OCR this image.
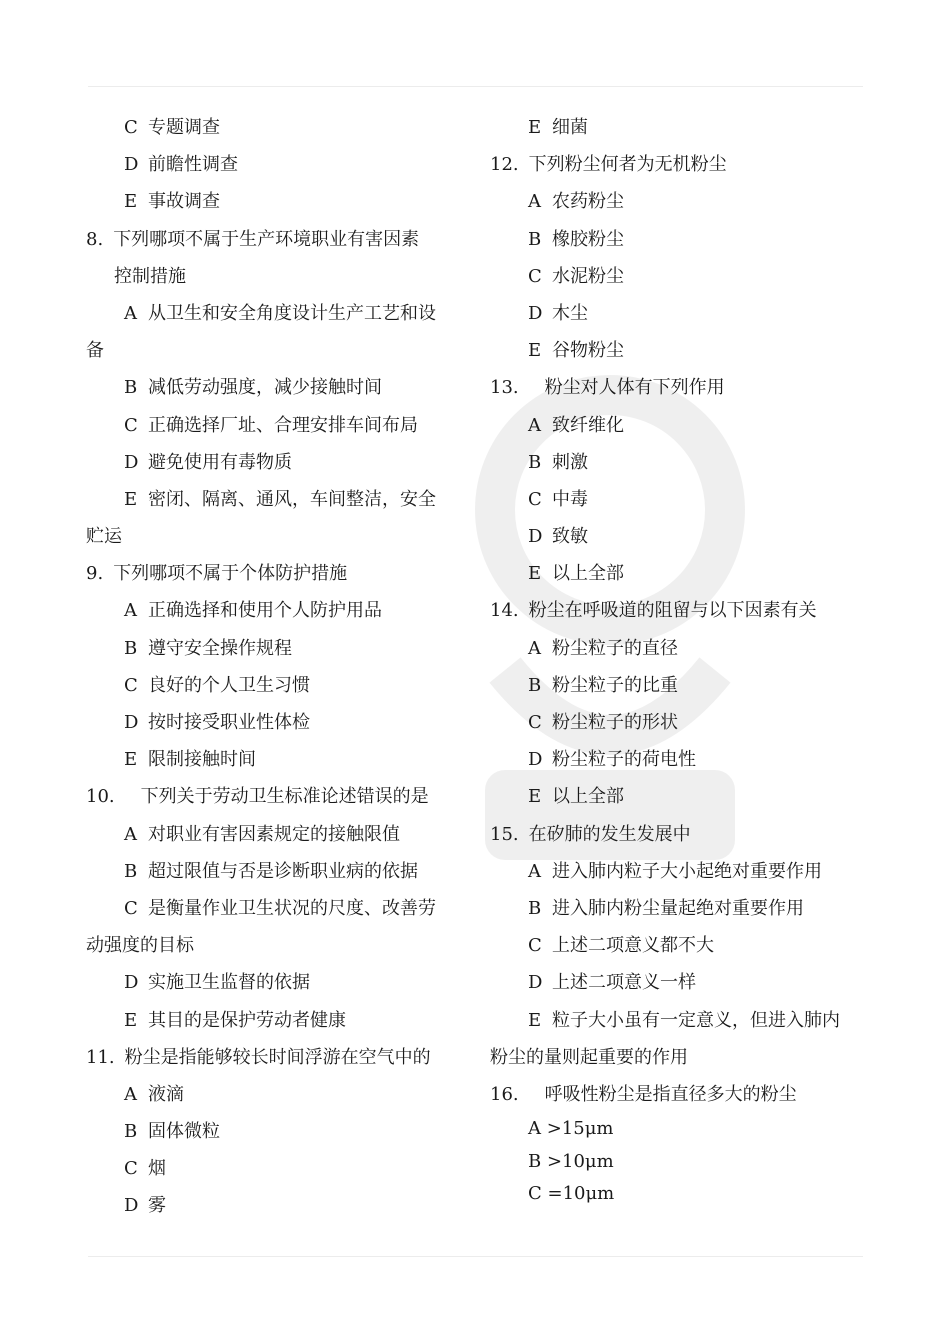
C 专题调查
D 前瞻性调查
E 事故调查
8. 下列哪项不属于生产环境职业有害因素
控制措施
A 从卫生和安全角度设计生产工艺和设
备
B 减低劳动强度，减少接触时间
C 正确选择厂址、合理安排车间布局
D 避免使用有毒物质
E 密闭、隔离、通风，车间整洁，安全
贮运
9. 下列哪项不属于个体防护措施
A 正确选择和使用个人防护用品
B 遵守安全操作规程
C 良好的个人卫生习惯
D 按时接受职业性体检
E 限制接触时间
10. 下列关于劳动卫生标准论述错误的是
A 对职业有害因素规定的接触限值
B 超过限值与否是诊断职业病的依据
C 是衡量作业卫生状况的尺度、改善劳
动强度的目标
D 实施卫生监督的依据
E 其目的是保护劳动者健康
11. 粉尘是指能够较长时间浮游在空气中的
A 液滴
B 固体微粒
C 烟
D 雾
E 细菌
12. 下列粉尘何者为无机粉尘
A 农药粉尘
B 橡胶粉尘
C 水泥粉尘
D 木尘
E 谷物粉尘
13. 粉尘对人体有下列作用
A 致纤维化
B 刺激
C 中毒
D 致敏
E 以上全部
14. 粉尘在呼吸道的阻留与以下因素有关
A 粉尘粒子的直径
B 粉尘粒子的比重
C 粉尘粒子的形状
D 粉尘粒子的荷电性
E 以上全部
15. 在矽肺的发生发展中
A 进入肺内粒子大小起绝对重要作用
B 进入肺内粉尘量起绝对重要作用
C 上述二项意义都不大
D 上述二项意义一样
E 粒子大小虽有一定意义，但进入肺内
粉尘的量则起重要的作用
16. 呼吸性粉尘是指直径多大的粉尘
A >15μm
B >10μm
C =10μm
